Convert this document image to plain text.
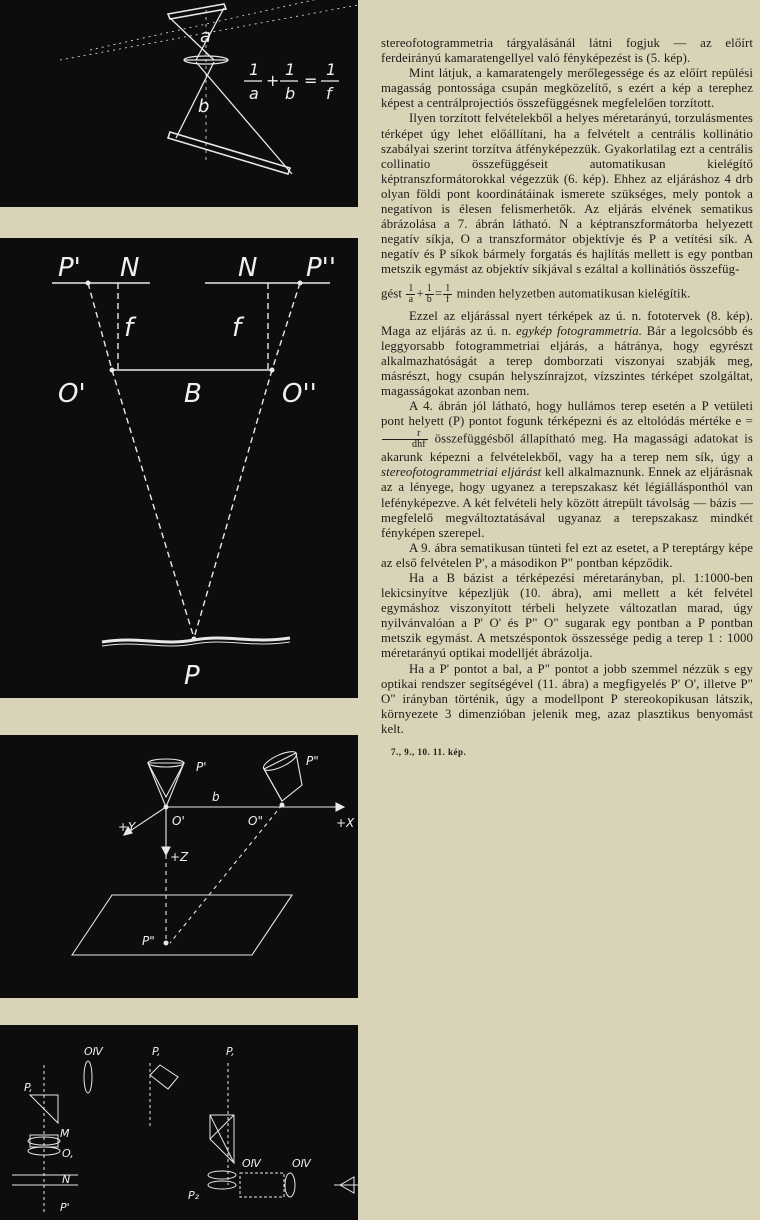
a
b
1
a
+
1
b
=
1
f
P' N	N P''
f	f
O'	B	O''
P
P'	P"
b
+Y	O'	O"	+X
+Z
P"
P,
OⅣ
M
O,
N
P'
P,	P,
P₂
OⅣ	OⅣ

stereofotogrammetria tárgyalásánál látni fogjuk — az előírt ferdeirányú kamaratengellyel való fényképezést is (5. kép).

Mint látjuk, a kamaratengely merőlegessége és az előírt repülési magasság pontossága csupán megközelítő, s ezért a kép a terephez képest a centrálprojectiós összefüggésnek megfelelően torzított.

Ilyen torzított felvételekből a helyes méretarányú, torzulásmentes térképet úgy lehet előállítani, ha a felvételt a centrális kollinátio szabályai szerint torzítva átfényképezzük. Gyakorlatilag ezt a centrális collinatio összefüggéseit automatikusan kielégítő képtranszformátorokkal végezzük (6. kép). Ehhez az eljáráshoz 4 drb olyan földi pont koordinátáinak ismerete szükséges, mely pontok a negatívon is élesen felismerhetők. Az eljárás elvének sematikus ábrázolása a 7. ábrán látható. N a képtranszformátorba helyezett negatív síkja, O a transzformátor objektívje és P a vetítési sík. A negatív és P síkok bármely forgatás és hajlítás mellett is egy pontban metszik egymást az objektív síkjával s ezáltal a kollinátiós összefüg-

gést $\frac{1}{a} + \frac{1}{b} = \frac{1}{f}$ minden helyzetben automatikusan kielégítik.

Ezzel az eljárással nyert térképek az ú. n. fototervek (8. kép). Maga az eljárás az ú. n. egykép fotogrammetria. Bár a legolcsóbb és leggyorsabb fotogrammetriai eljárás, a hátránya, hogy egyrészt alkalmazhatóságát a terep domborzati viszonyai szabják meg, másrészt, hogy csupán helyszínrajzot, vízszintes térképet szolgáltat, magasságokat azonban nem.

A 4. ábrán jól látható, hogy hullámos terep esetén a P vetületi pont helyett (P) pontot fogunk térképezni és az eltolódás mértéke e =
$\frac{r}{\text{dhf}}$ összefüggésből állapítható meg. Ha magassági adatokat is akarunk képezni a felvételekből, vagy ha a terep nem sík, úgy a stereofotogrammetriai eljárást kell alkalmaznunk. Ennek az eljárásnak az a lényege, hogy ugyanez a terepszakasz két légiállásponthól van lefényképezve. A két felvételi hely között átrepült távolság — bázis — megfelelő megváltoztatásával ugyanaz a terepszakasz mindkét fényképen szerepel.

A 9. ábra sematikusan tünteti fel ezt az esetet, a P tereptárgy képe az első felvételen P', a másodikon P" pontban képződik.

Ha a B bázist a térképezési méretarányban, pl. 1:1000-ben lekicsinyítve képezljük (10. ábra), ami mellett a két felvétel egymáshoz viszonyított térbeli helyzete változatlan marad, úgy nyilvánvalóan a P' O' és P" O" sugarak egy pontban a P pontban metszik egymást. A metszéspontok összessége pedig a terep 1 : 1000 méretarányú optikai modelljét ábrázolja.

Ha a P' pontot a bal, a P" pontot a jobb szemmel nézzük s egy optikai rendszer segítségével (11. ábra) a megfigyelés P' O', illetve P" O" irányban történik, úgy a modellpont P stereokopikusan látszik, környezete 3 dimenzióban jelenik meg, azaz plasztikus benyomást kelt.

7., 9., 10. 11. kép.
